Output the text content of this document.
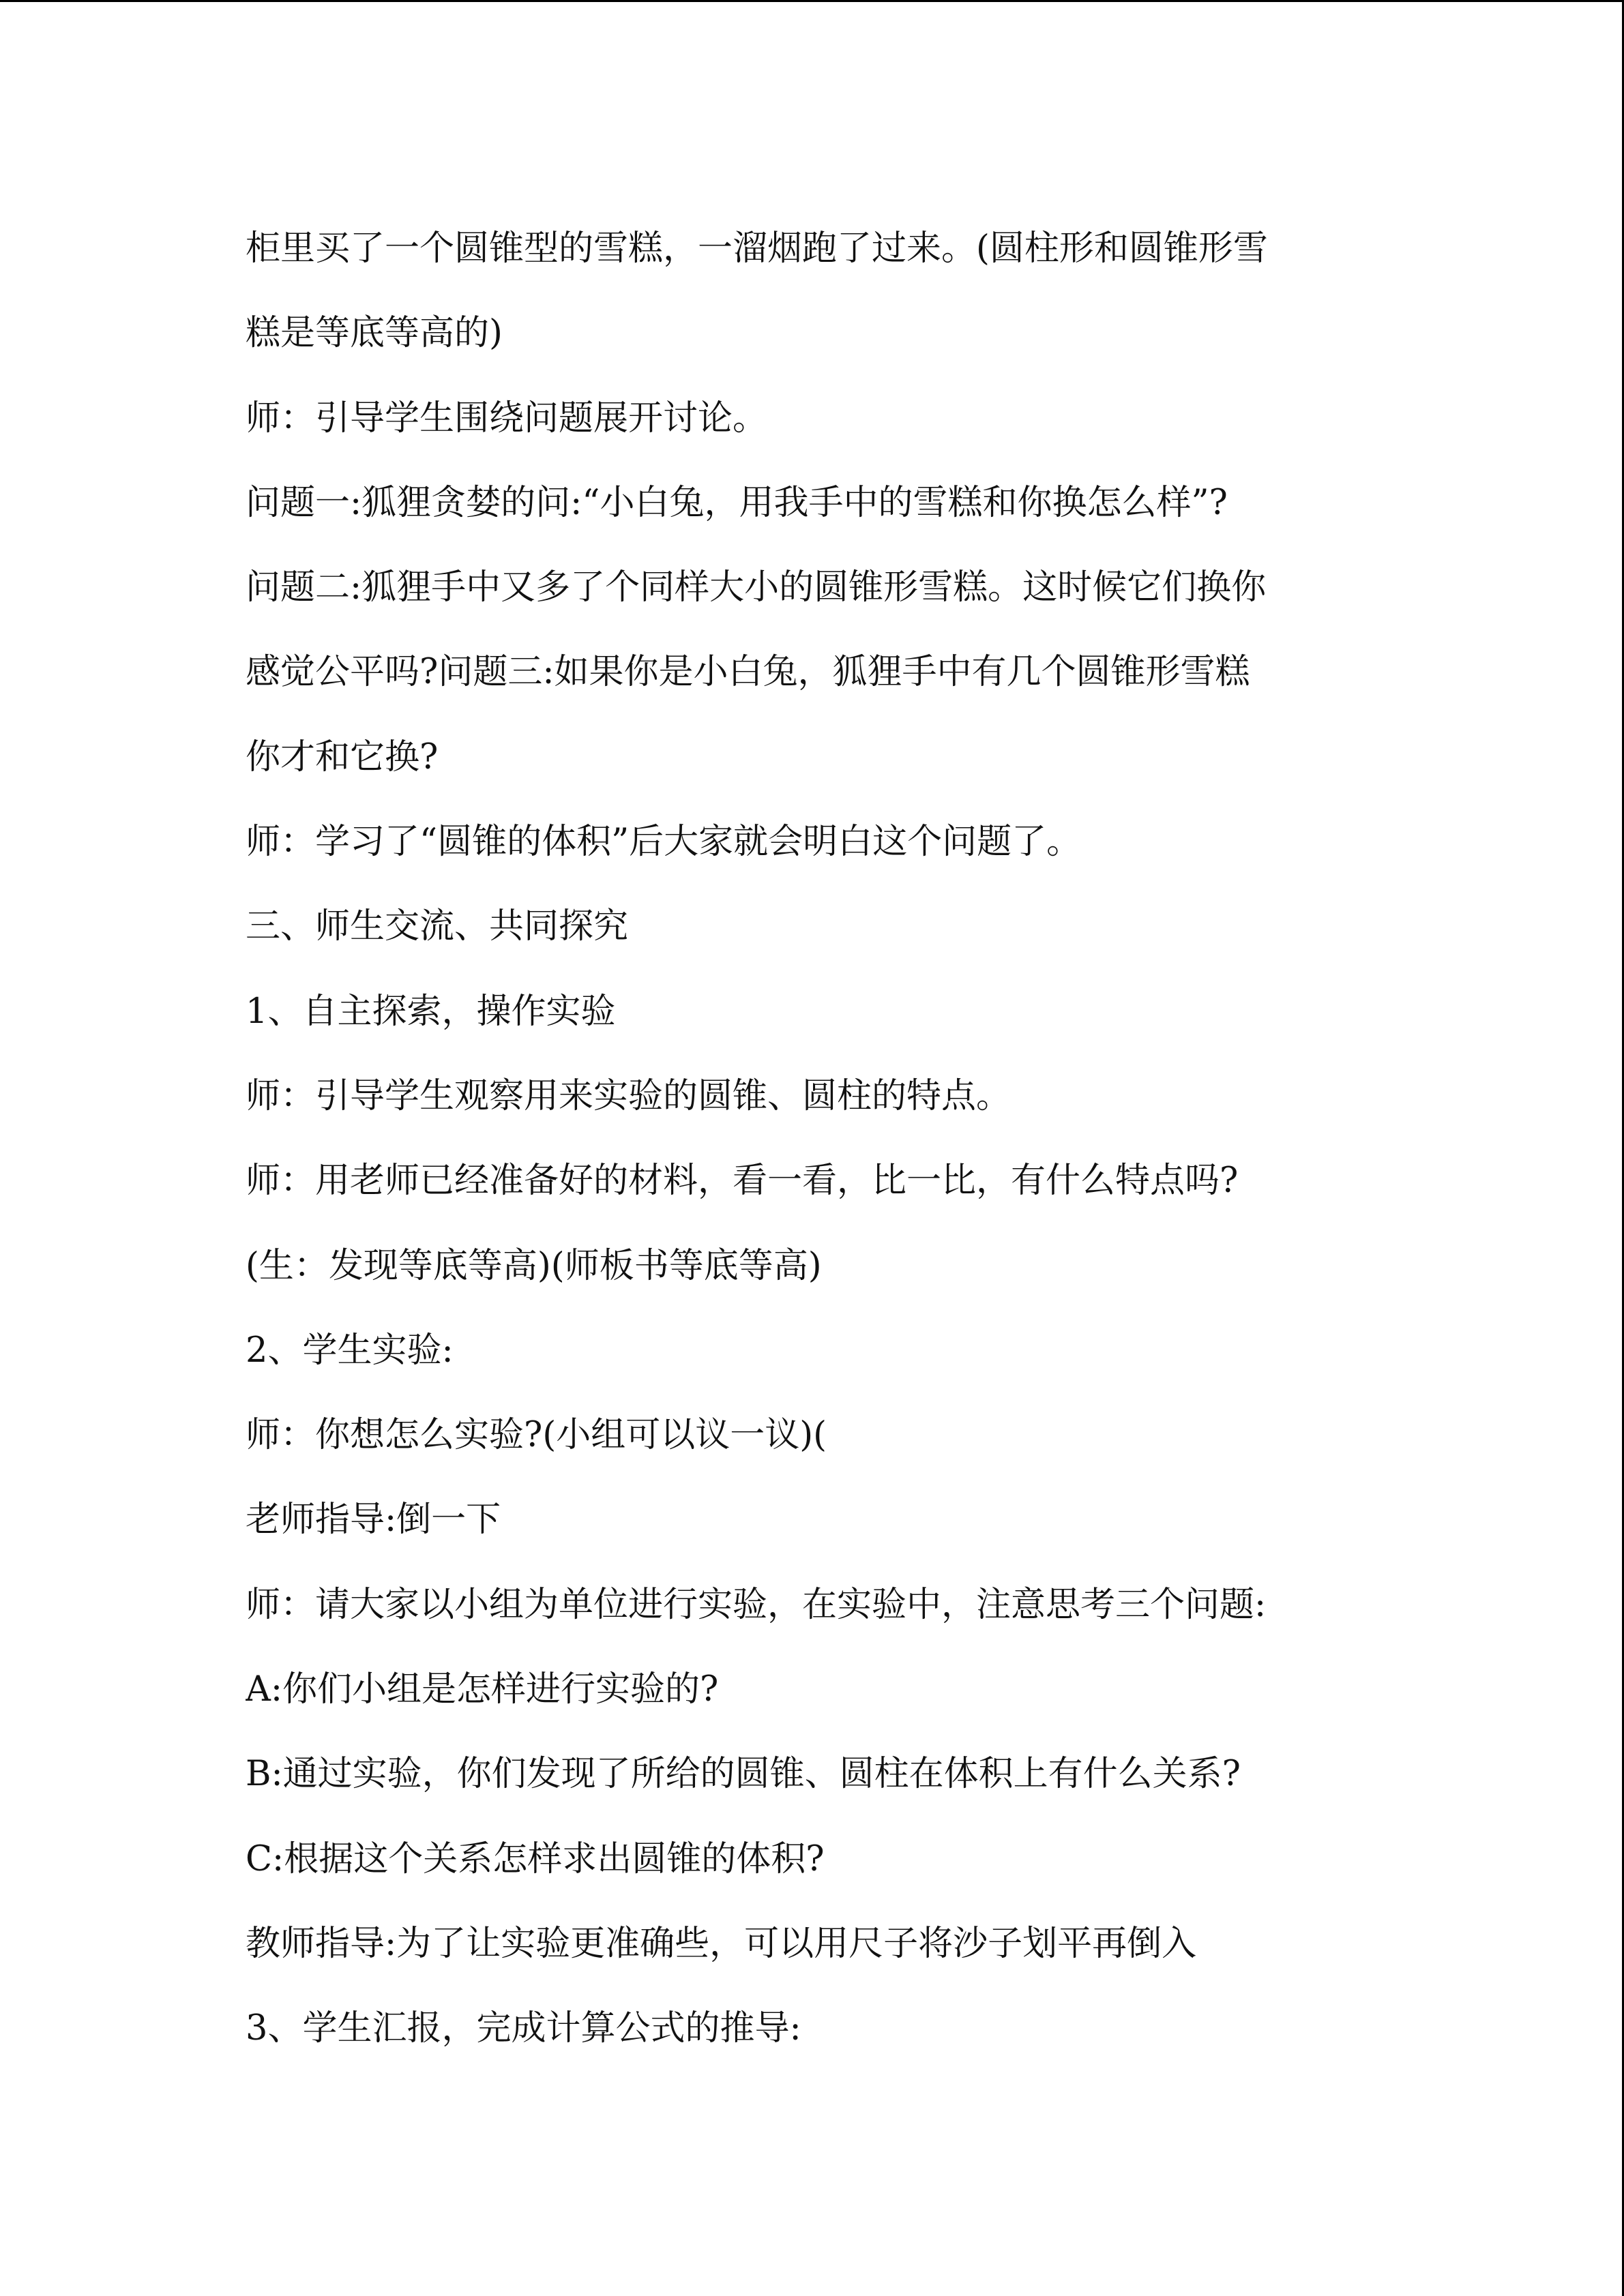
柜里买了一个圆锥型的雪糕，一溜烟跑了过来。(圆柱形和圆锥形雪
糕是等底等高的)
师：引导学生围绕问题展开讨论。
问题一:狐狸贪婪的问:“小白兔，用我手中的雪糕和你换怎么样”?
问题二:狐狸手中又多了个同样大小的圆锥形雪糕。这时候它们换你
感觉公平吗?问题三:如果你是小白兔，狐狸手中有几个圆锥形雪糕
你才和它换?
师：学习了“圆锥的体积”后大家就会明白这个问题了。
三、师生交流、共同探究
1、自主探索，操作实验
师：引导学生观察用来实验的圆锥、圆柱的特点。
师：用老师已经准备好的材料，看一看，比一比，有什么特点吗?
(生：发现等底等高)(师板书等底等高)
2、学生实验:
师：你想怎么实验?(小组可以议一议)(
老师指导:倒一下
师：请大家以小组为单位进行实验，在实验中，注意思考三个问题:
A:你们小组是怎样进行实验的?
B:通过实验，你们发现了所给的圆锥、圆柱在体积上有什么关系?
C:根据这个关系怎样求出圆锥的体积?
教师指导:为了让实验更准确些，可以用尺子将沙子划平再倒入
3、学生汇报，完成计算公式的推导:
